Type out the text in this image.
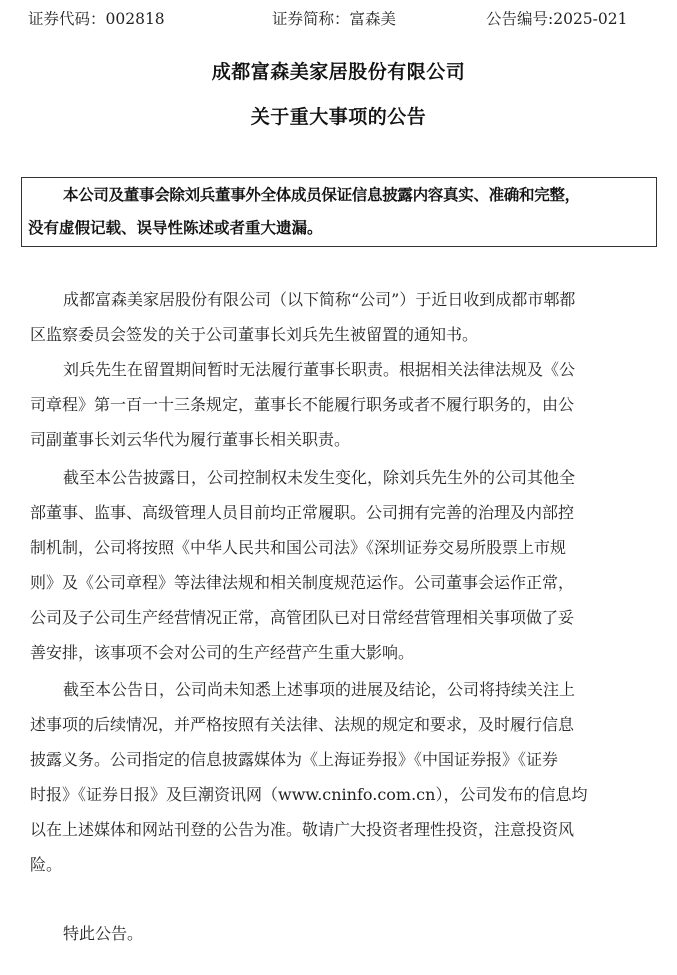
证券代码：002818	证券简称：富森美	公告编号:2025-021
成都富森美家居股份有限公司
关于重大事项的公告
本公司及董事会除刘兵董事外全体成员保证信息披露内容真实、准确和完整，
没有虚假记载、误导性陈述或者重大遗漏。
成都富森美家居股份有限公司（以下简称“公司”）于近日收到成都市郫都
区监察委员会签发的关于公司董事长刘兵先生被留置的通知书。
刘兵先生在留置期间暂时无法履行董事长职责。根据相关法律法规及《公
司章程》第一百一十三条规定，董事长不能履行职务或者不履行职务的，由公
司副董事长刘云华代为履行董事长相关职责。
截至本公告披露日，公司控制权未发生变化，除刘兵先生外的公司其他全
部董事、监事、高级管理人员目前均正常履职。公司拥有完善的治理及内部控
制机制，公司将按照《中华人民共和国公司法》《深圳证券交易所股票上市规
则》及《公司章程》等法律法规和相关制度规范运作。公司董事会运作正常，
公司及子公司生产经营情况正常，高管团队已对日常经营管理相关事项做了妥
善安排，该事项不会对公司的生产经营产生重大影响。
截至本公告日，公司尚未知悉上述事项的进展及结论，公司将持续关注上
述事项的后续情况，并严格按照有关法律、法规的规定和要求，及时履行信息
披露义务。公司指定的信息披露媒体为《上海证券报》《中国证券报》《证券
时报》《证券日报》及巨潮资讯网（www.cninfo.com.cn），公司发布的信息均
以在上述媒体和网站刊登的公告为准。敬请广大投资者理性投资，注意投资风
险。
特此公告。
